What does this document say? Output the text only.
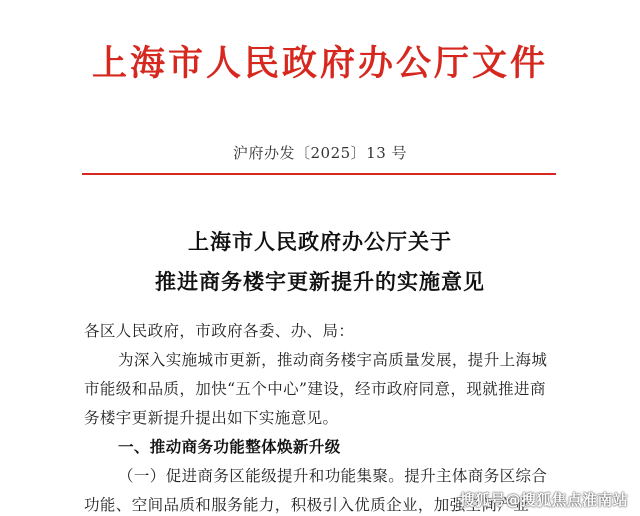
上海市人民政府办公厅文件
沪府办发〔2025〕13 号
上海市人民政府办公厅关于
推进商务楼宇更新提升的实施意见
各区人民政府，市政府各委、办、局：
为深入实施城市更新，推动商务楼宇高质量发展，提升上海城
市能级和品质，加快“五个中心”建设，经市政府同意，现就推进商
务楼宇更新提升提出如下实施意见。
一、推动商务功能整体焕新升级
（一）促进商务区能级提升和功能集聚。提升主体商务区综合
功能、空间品质和服务能力，积极引入优质企业，加强空间产业
搜狐号@搜狐焦点淮南站
